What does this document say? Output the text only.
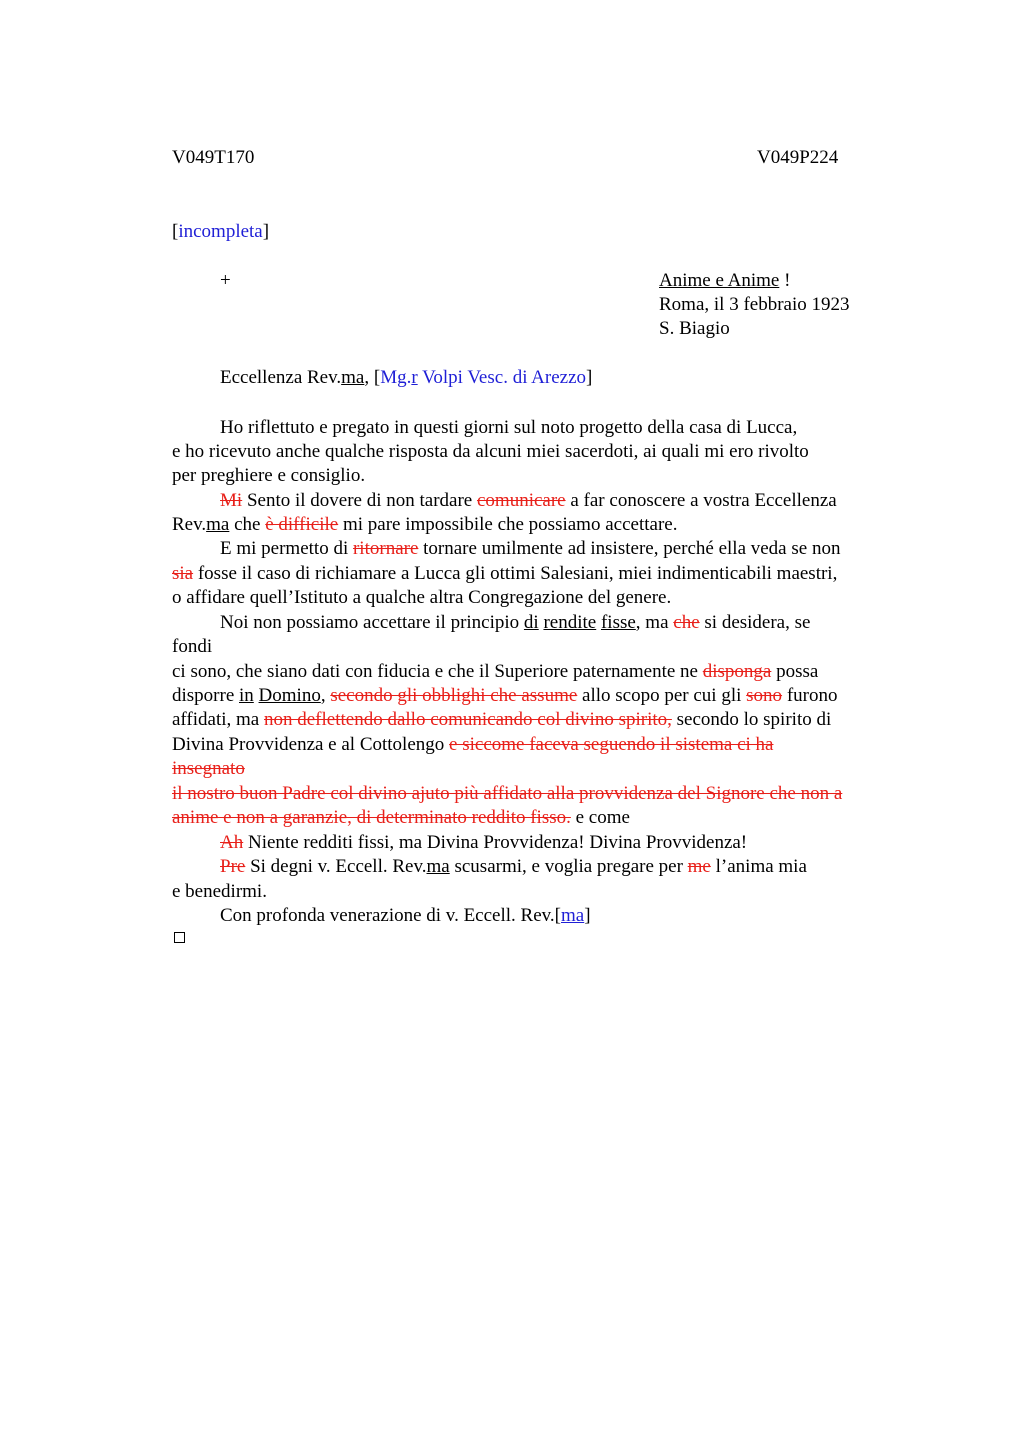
V049T170	V049P224
[incompleta]
+	Anime e Anime !
Roma, il 3 febbraio 1923
S. Biagio
Eccellenza Rev.ma, [Mg.r Volpi Vesc. di Arezzo]
Ho riflettuto e pregato in questi giorni sul noto progetto della casa di Lucca,
e ho ricevuto anche qualche risposta da alcuni miei sacerdoti, ai quali mi ero rivolto
per preghiere e consiglio.
Mi Sento il dovere di non tardare comunicare a far conoscere a vostra Eccellenza
Rev.ma che è difficile mi pare impossibile che possiamo accettare.
E mi permetto di ritornare tornare umilmente ad insistere, perché ella veda se non
sia fosse il caso di richiamare a Lucca gli ottimi Salesiani, miei indimenticabili maestri,
o affidare quell’Istituto a qualche altra Congregazione del genere.
Noi non possiamo accettare il principio di rendite fisse, ma che si desidera, se
fondi
ci sono, che siano dati con fiducia e che il Superiore paternamente ne disponga possa
disporre in Domino, secondo gli obblighi che assume allo scopo per cui gli sono furono
affidati, ma non deflettendo dallo comunicando col divino spirito, secondo lo spirito di
Divina Provvidenza e al Cottolengo e siccome faceva seguendo il sistema ci ha
insegnato
il nostro buon Padre col divino ajuto più affidato alla provvidenza del Signore che non a
anime e non a garanzie, di determinato reddito fisso. e come
Ah Niente redditi fissi, ma Divina Provvidenza! Divina Provvidenza!
Pre Si degni v. Eccell. Rev.ma scusarmi, e voglia pregare per me l’anima mia
e benedirmi.
Con profonda venerazione di v. Eccell. Rev.[ma]
